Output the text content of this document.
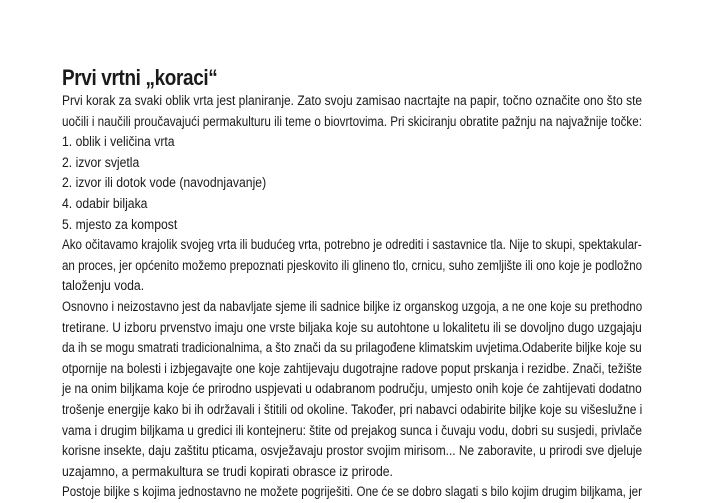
Prvi vrtni „koraci“
Prvi korak za svaki oblik vrta jest planiranje. Zato svoju zamisao nacrtajte na papir, točno označite ono što ste
uočili i naučili proučavajući permakulturu ili teme o biovrtovima. Pri skiciranju obratite pažnju na najvažnije točke:
1. oblik i veličina vrta
2. izvor svjetla
2. izvor ili dotok vode (navodnjavanje)
4. odabir biljaka
5. mjesto za kompost
Ako očitavamo krajolik svojeg vrta ili budućeg vrta, potrebno je odrediti i sastavnice tla. Nije to skupi, spektakular-
an proces, jer općenito možemo prepoznati pjeskovito ili glineno tlo, crnicu, suho zemljište ili ono koje je podložno
taloženju voda.
Osnovno i neizostavno jest da nabavljate sjeme ili sadnice biljke iz organskog uzgoja, a ne one koje su prethodno
tretirane. U izboru prvenstvo imaju one vrste biljaka koje su autohtone u lokalitetu ili se dovoljno dugo uzgajaju
da ih se mogu smatrati tradicionalnima, a što znači da su prilagođene klimatskim uvjetima.Odaberite biljke koje su
otpornije na bolesti i izbjegavajte one koje zahtijevaju dugotrajne radove poput prskanja i rezidbe. Znači, težište
je na onim biljkama koje će prirodno uspjevati u odabranom području, umjesto onih koje će zahtijevati dodatno
trošenje energije kako bi ih održavali i štitili od okoline. Također, pri nabavci odabirite biljke koje su višeslužne i
vama i drugim biljkama u gredici ili kontejneru: štite od prejakog sunca i čuvaju vodu, dobri su susjedi, privlače
korisne insekte, daju zaštitu pticama, osvježavaju prostor svojim mirisom... Ne zaboravite, u prirodi sve djeluje
uzajamno, a permakultura se trudi kopirati obrasce iz prirode.
Postoje biljke s kojima jednostavno ne možete pogriješiti. One će se dobro slagati s bilo kojim drugim biljkama, jer
